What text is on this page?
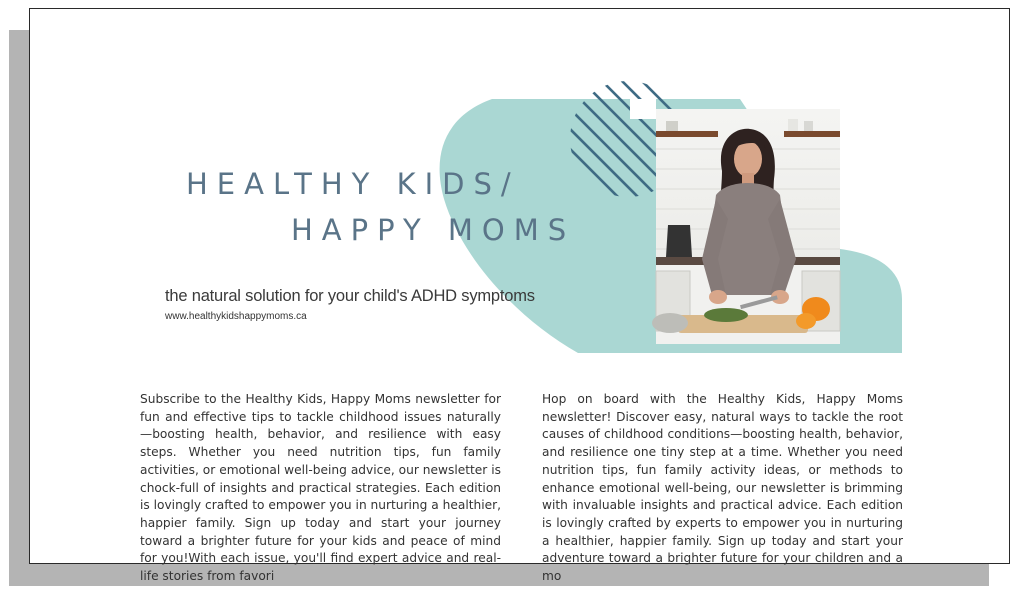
HEALTHY KIDS/
HAPPY MOMS

the natural solution for your child's ADHD symptoms

www.healthykidshappymoms.ca

Subscribe to the Healthy Kids, Happy Moms newsletter for fun and effective tips to tackle childhood issues naturally—boosting health, behavior, and resilience with easy steps. Whether you need nutrition tips, fun family activities, or emotional well-being advice, our newsletter is chock-full of insights and practical strategies. Each edition is lovingly crafted to empower you in nurturing a healthier, happier family. Sign up today and start your journey toward a brighter future for your kids and peace of mind for you!With each issue, you'll find expert advice and real-life stories from favori

Hop on board with the Healthy Kids, Happy Moms newsletter! Discover easy, natural ways to tackle the root causes of childhood conditions—boosting health, behavior, and resilience one tiny step at a time. Whether you need nutrition tips, fun family activity ideas, or methods to enhance emotional well-being, our newsletter is brimming with invaluable insights and practical advice. Each edition is lovingly crafted by experts to empower you in nurturing a healthier, happier family. Sign up today and start your adventure toward a brighter future for your children and a mo
